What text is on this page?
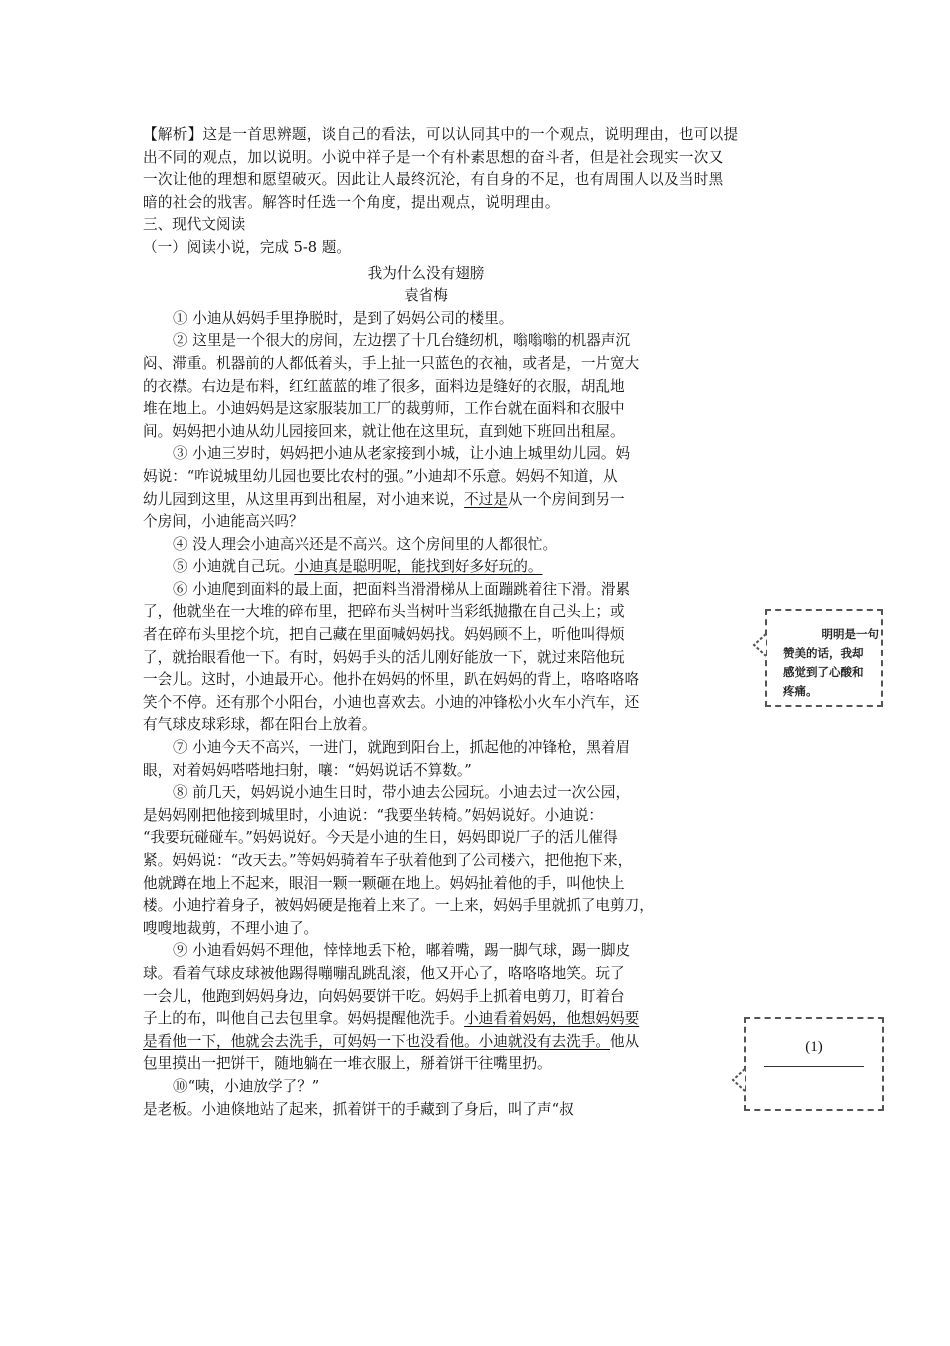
【解析】这是一首思辨题，谈自己的看法，可以认同其中的一个观点，说明理由，也可以提
出不同的观点，加以说明。小说中祥子是一个有朴素思想的奋斗者，但是社会现实一次又
一次让他的理想和愿望破灭。因此让人最终沉沦，有自身的不足，也有周围人以及当时黑
暗的社会的戕害。解答时任选一个角度，提出观点，说明理由。
三、现代文阅读
（一）阅读小说，完成 5-8 题。
我为什么没有翅膀
袁省梅
① 小迪从妈妈手里挣脱时，是到了妈妈公司的楼里。
② 这里是一个很大的房间，左边摆了十几台缝纫机，嗡嗡嗡的机器声沉
闷、滞重。机器前的人都低着头，手上扯一只蓝色的衣袖，或者是，一片宽大
的衣襟。右边是布料，红红蓝蓝的堆了很多，面料边是缝好的衣服，胡乱地
堆在地上。小迪妈妈是这家服装加工厂的裁剪师，工作台就在面料和衣服中
间。妈妈把小迪从幼儿园接回来，就让他在这里玩，直到她下班回出租屋。
③ 小迪三岁时，妈妈把小迪从老家接到小城，让小迪上城里幼儿园。妈
妈说：“咋说城里幼儿园也要比农村的强。”小迪却不乐意。妈妈不知道，从
幼儿园到这里，从这里再到出租屋，对小迪来说，不过是从一个房间到另一
个房间，小迪能高兴吗？
④ 没人理会小迪高兴还是不高兴。这个房间里的人都很忙。
⑤ 小迪就自己玩。小迪真是聪明呢，能找到好多好玩的。
⑥ 小迪爬到面料的最上面，把面料当滑滑梯从上面蹦跳着往下滑。滑累
了，他就坐在一大堆的碎布里，把碎布头当树叶当彩纸抛撒在自己头上；或
者在碎布头里挖个坑，把自己藏在里面喊妈妈找。妈妈顾不上，听他叫得烦
了，就抬眼看他一下。有时，妈妈手头的活儿刚好能放一下，就过来陪他玩
一会儿。这时，小迪最开心。他扑在妈妈的怀里，趴在妈妈的背上，咯咯咯咯
笑个不停。还有那个小阳台，小迪也喜欢去。小迪的冲锋松小火车小汽车，还
有气球皮球彩球，都在阳台上放着。
⑦ 小迪今天不高兴，一进门，就跑到阳台上，抓起他的冲锋枪，黑着眉
眼，对着妈妈嗒嗒地扫射，嚷：“妈妈说话不算数。”
⑧ 前几天，妈妈说小迪生日时，带小迪去公园玩。小迪去过一次公园，
是妈妈刚把他接到城里时，小迪说：“我要坐转椅。”妈妈说好。小迪说：
“我要玩碰碰车。”妈妈说好。今天是小迪的生日，妈妈即说厂子的活儿催得
紧。妈妈说：“改天去。”等妈妈骑着车子驮着他到了公司楼六，把他抱下来，
他就蹲在地上不起来，眼泪一颗一颗砸在地上。妈妈扯着他的手，叫他快上
楼。小迪拧着身子，被妈妈硬是拖着上来了。一上来，妈妈手里就抓了电剪刀，
嗖嗖地裁剪，不理小迪了。
⑨ 小迪看妈妈不理他，悻悻地丢下枪，嘟着嘴，踢一脚气球，踢一脚皮
球。看着气球皮球被他踢得嘣嘣乱跳乱滚，他又开心了，咯咯咯地笑。玩了
一会儿，他跑到妈妈身边，向妈妈要饼干吃。妈妈手上抓着电剪刀，盯着台
子上的布，叫他自己去包里拿。妈妈提醒他洗手。小迪看着妈妈，他想妈妈要
是看他一下，他就会去洗手，可妈妈一下也没看他。小迪就没有去洗手。他从
包里摸出一把饼干，随地躺在一堆衣服上，掰着饼干往嘴里扔。
⑩“咦，小迪放学了？”
是老板。小迪倏地站了起来，抓着饼干的手藏到了身后，叫了声“叔
明明是一句
赞美的话，我却
感觉到了心酸和
疼痛。
(1)
